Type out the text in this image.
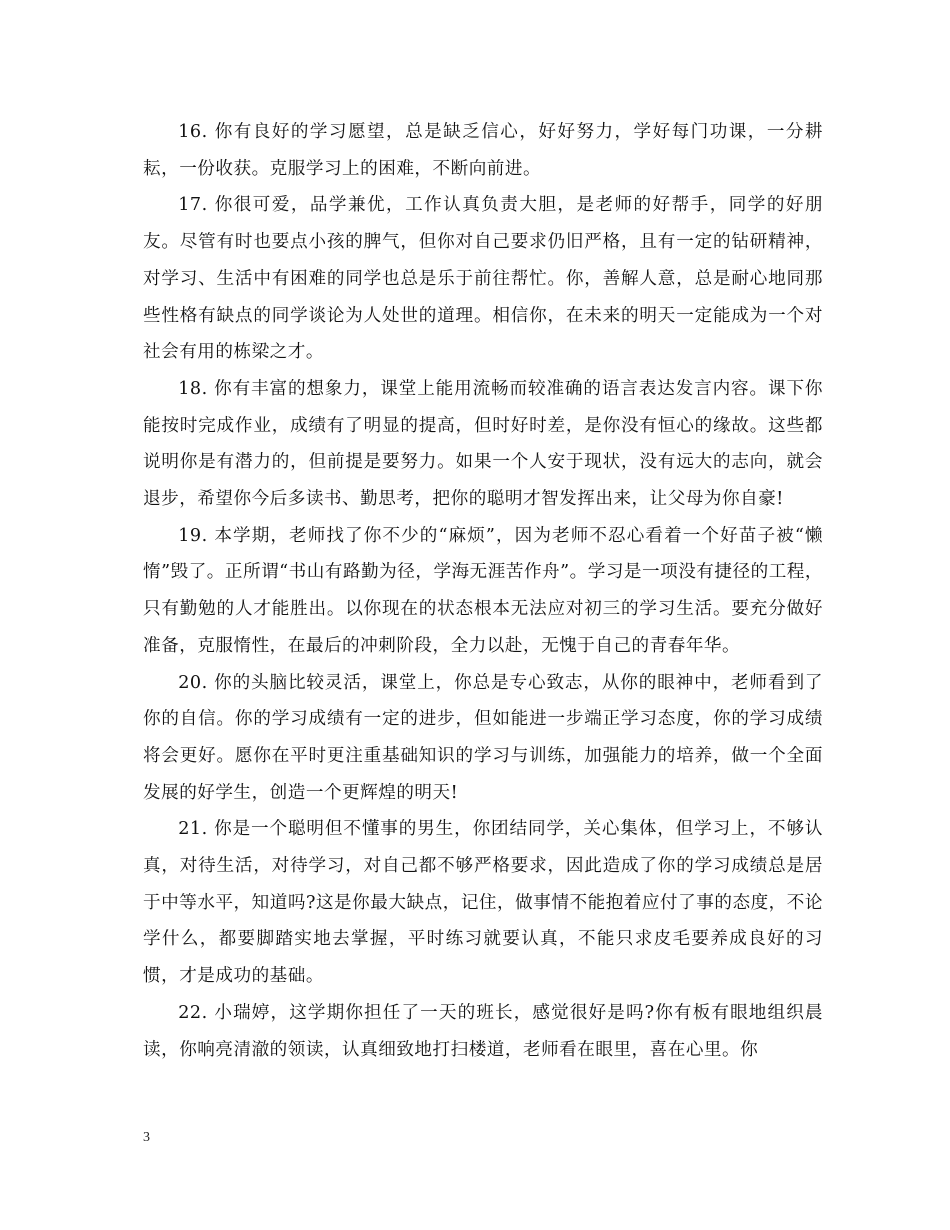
16. 你有良好的学习愿望，总是缺乏信心，好好努力，学好每门功课，一分耕耘，一份收获。克服学习上的困难，不断向前进。

17. 你很可爱，品学兼优，工作认真负责大胆，是老师的好帮手，同学的好朋友。尽管有时也要点小孩的脾气，但你对自己要求仍旧严格，且有一定的钻研精神，对学习、生活中有困难的同学也总是乐于前往帮忙。你，善解人意，总是耐心地同那些性格有缺点的同学谈论为人处世的道理。相信你，在未来的明天一定能成为一个对社会有用的栋梁之才。

18. 你有丰富的想象力，课堂上能用流畅而较准确的语言表达发言内容。课下你能按时完成作业，成绩有了明显的提高，但时好时差，是你没有恒心的缘故。这些都说明你是有潜力的，但前提是要努力。如果一个人安于现状，没有远大的志向，就会退步，希望你今后多读书、勤思考，把你的聪明才智发挥出来，让父母为你自豪!

19. 本学期，老师找了你不少的“麻烦”，因为老师不忍心看着一个好苗子被“懒惰”毁了。正所谓“书山有路勤为径，学海无涯苦作舟”。学习是一项没有捷径的工程，只有勤勉的人才能胜出。以你现在的状态根本无法应对初三的学习生活。要充分做好准备，克服惰性，在最后的冲刺阶段，全力以赴，无愧于自己的青春年华。

20. 你的头脑比较灵活，课堂上，你总是专心致志，从你的眼神中，老师看到了你的自信。你的学习成绩有一定的进步，但如能进一步端正学习态度，你的学习成绩将会更好。愿你在平时更注重基础知识的学习与训练，加强能力的培养，做一个全面发展的好学生，创造一个更辉煌的明天!

21. 你是一个聪明但不懂事的男生，你团结同学，关心集体，但学习上，不够认真，对待生活，对待学习，对自己都不够严格要求，因此造成了你的学习成绩总是居于中等水平，知道吗?这是你最大缺点，记住，做事情不能抱着应付了事的态度，不论学什么，都要脚踏实地去掌握，平时练习就要认真，不能只求皮毛要养成良好的习惯，才是成功的基础。

22. 小瑞婷，这学期你担任了一天的班长，感觉很好是吗?你有板有眼地组织晨读，你响亮清澈的领读，认真细致地打扫楼道，老师看在眼里，喜在心里。你

3
